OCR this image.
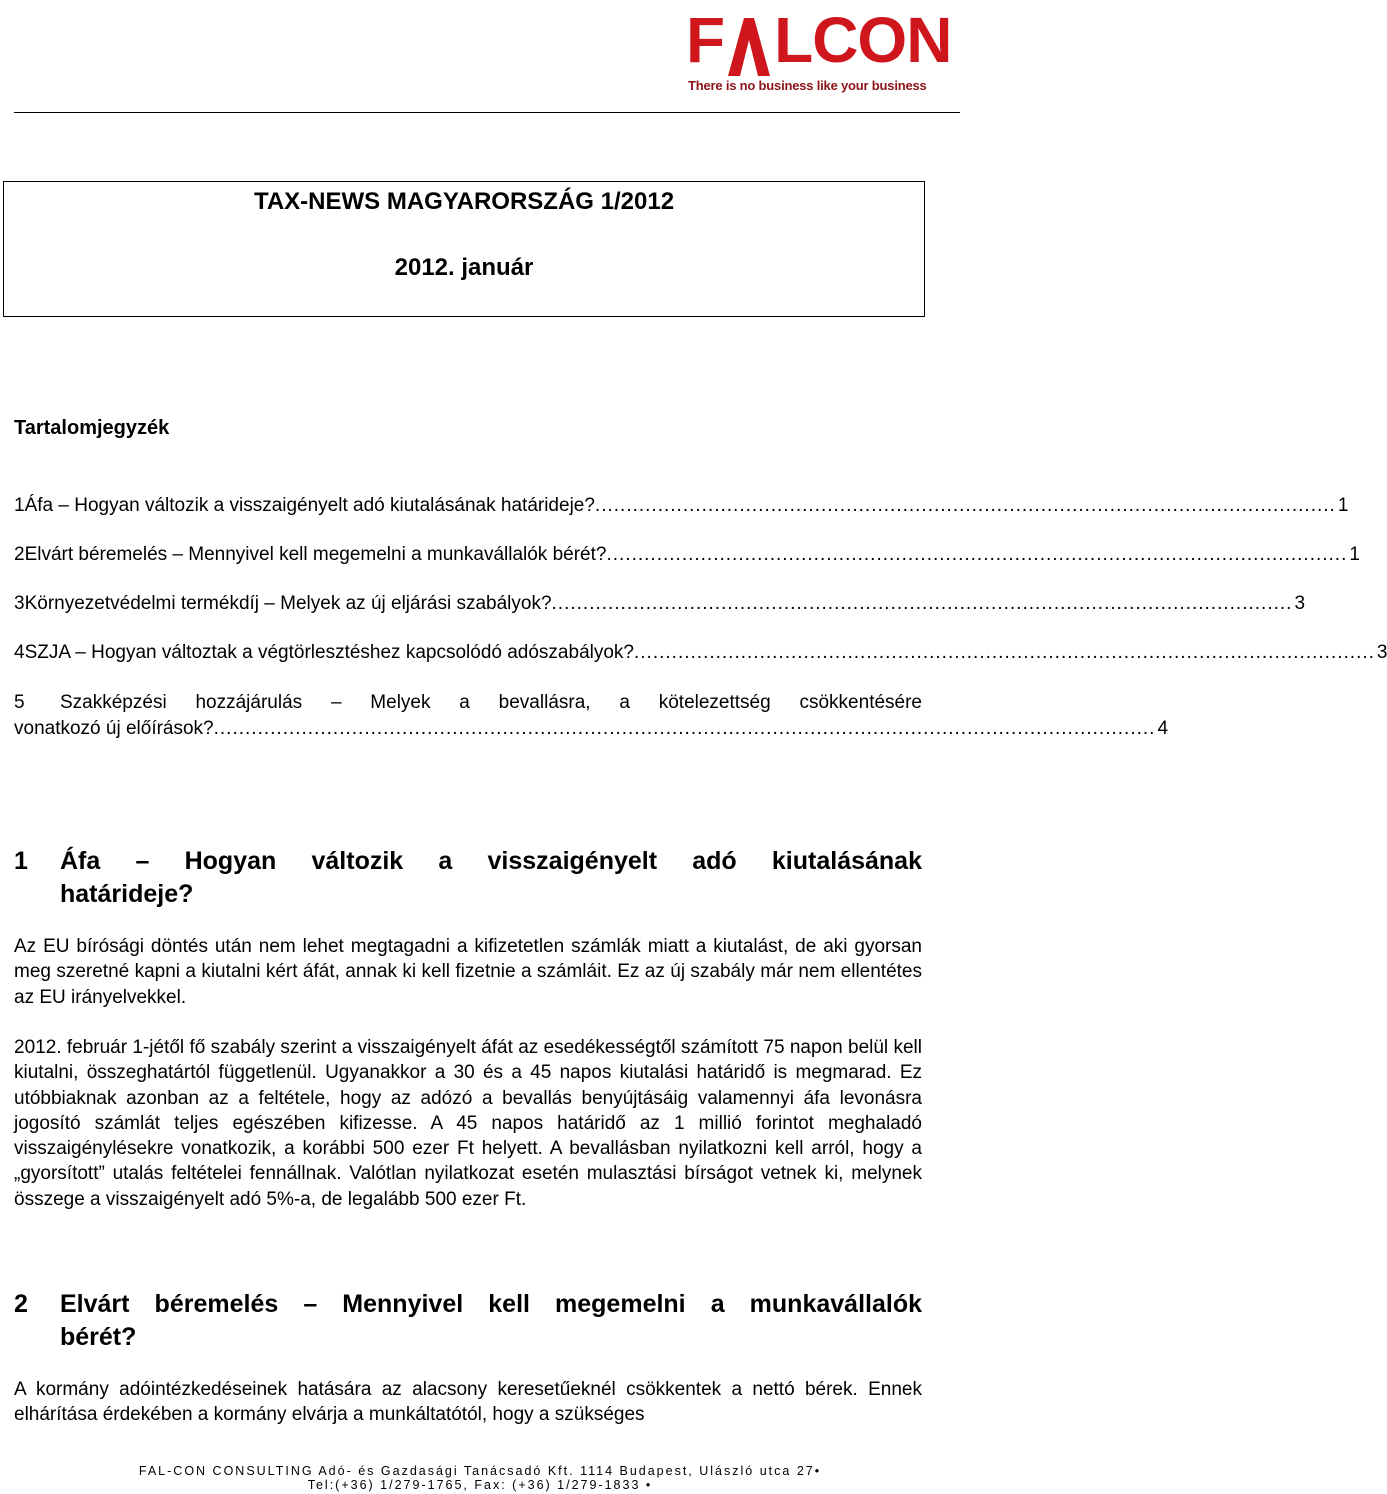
F LCON
There is no business like your business
TAX-NEWS MAGYARORSZÁG 1/2012
2012. január
Tartalomjegyzék
1 Áfa – Hogyan változik a visszaigényelt adó kiutalásának határideje? ...................................................................................................................... 1
2 Elvárt béremelés – Mennyivel kell megemelni a munkavállalók bérét? ...................................................................................................................... 1
3 Környezetvédelmi termékdíj – Melyek az új eljárási szabályok? ...................................................................................................................... 3
4 SZJA – Hogyan változtak a végtörlesztéshez kapcsolódó adószabályok? ...................................................................................................................... 3
5 Szakképzési hozzájárulás – Melyek a bevallásra, a kötelezettség csökkentésére
vonatkozó új előírások? ...................................................................................................................................................... 4
1 Áfa – Hogyan változik a visszaigényelt adó kiutalásának
határideje?
Az EU bírósági döntés után nem lehet megtagadni a kifizetetlen számlák miatt a kiutalást, de aki gyorsan meg szeretné kapni a kiutalni kért áfát, annak ki kell fizetnie a számláit. Ez az új szabály már nem ellentétes az EU irányelvekkel.
2012. február 1-jétől fő szabály szerint a visszaigényelt áfát az esedékességtől számított 75 napon belül kell kiutalni, összeghatártól függetlenül. Ugyanakkor a 30 és a 45 napos kiutalási határidő is megmarad. Ez utóbbiaknak azonban az a feltétele, hogy az adózó a bevallás benyújtásáig valamennyi áfa levonásra jogosító számlát teljes egészében kifizesse. A 45 napos határidő az 1 millió forintot meghaladó visszaigénylésekre vonatkozik, a korábbi 500 ezer Ft helyett. A bevallásban nyilatkozni kell arról, hogy a „gyorsított” utalás feltételei fennállnak. Valótlan nyilatkozat esetén mulasztási bírságot vetnek ki, melynek összege a visszaigényelt adó 5%-a, de legalább 500 ezer Ft.
2 Elvárt béremelés – Mennyivel kell megemelni a munkavállalók
bérét?
A kormány adóintézkedéseinek hatására az alacsony keresetűeknél csökkentek a nettó bérek. Ennek elhárítása érdekében a kormány elvárja a munkáltatótól, hogy a szükséges
FAL-CON CONSULTING Adó- és Gazdasági Tanácsadó Kft. 1114 Budapest, Ulászló utca 27•
Tel:(+36) 1/279-1765, Fax: (+36) 1/279-1833 •
